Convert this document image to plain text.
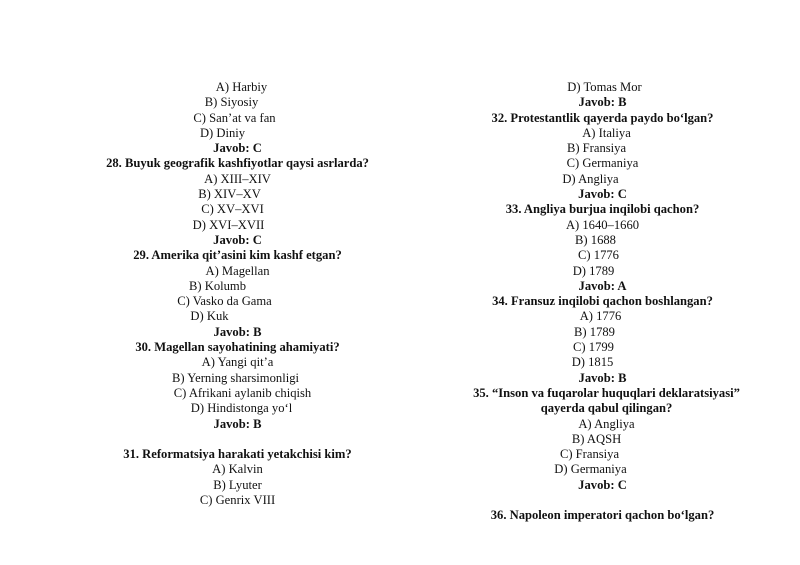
A) Harbiy
B) Siyosiy
C) San’at va fan
D) Diniy
Javob: C
28. Buyuk geografik kashfiyotlar qaysi asrlarda?
A) XIII–XIV
B) XIV–XV
C) XV–XVI
D) XVI–XVII
Javob: C
29. Amerika qit’asini kim kashf etgan?
A) Magellan
B) Kolumb
C) Vasko da Gama
D) Kuk
Javob: B
30. Magellan sayohatining ahamiyati?
A) Yangi qit’a
B) Yerning sharsimonligi
C) Afrikani aylanib chiqish
D) Hindistonga yo‘l
Javob: B
31. Reformatsiya harakati yetakchisi kim?
A) Kalvin
B) Lyuter
C) Genrix VIII
D) Tomas Mor
Javob: B
32. Protestantlik qayerda paydo bo‘lgan?
A) Italiya
B) Fransiya
C) Germaniya
D) Angliya
Javob: C
33. Angliya burjua inqilobi qachon?
A) 1640–1660
B) 1688
C) 1776
D) 1789
Javob: A
34. Fransuz inqilobi qachon boshlangan?
A) 1776
B) 1789
C) 1799
D) 1815
Javob: B
35. “Inson va fuqarolar huquqlari deklaratsiyasi”
qayerda qabul qilingan?
A) Angliya
B) AQSH
C) Fransiya
D) Germaniya
Javob: C
36. Napoleon imperatori qachon bo‘lgan?
